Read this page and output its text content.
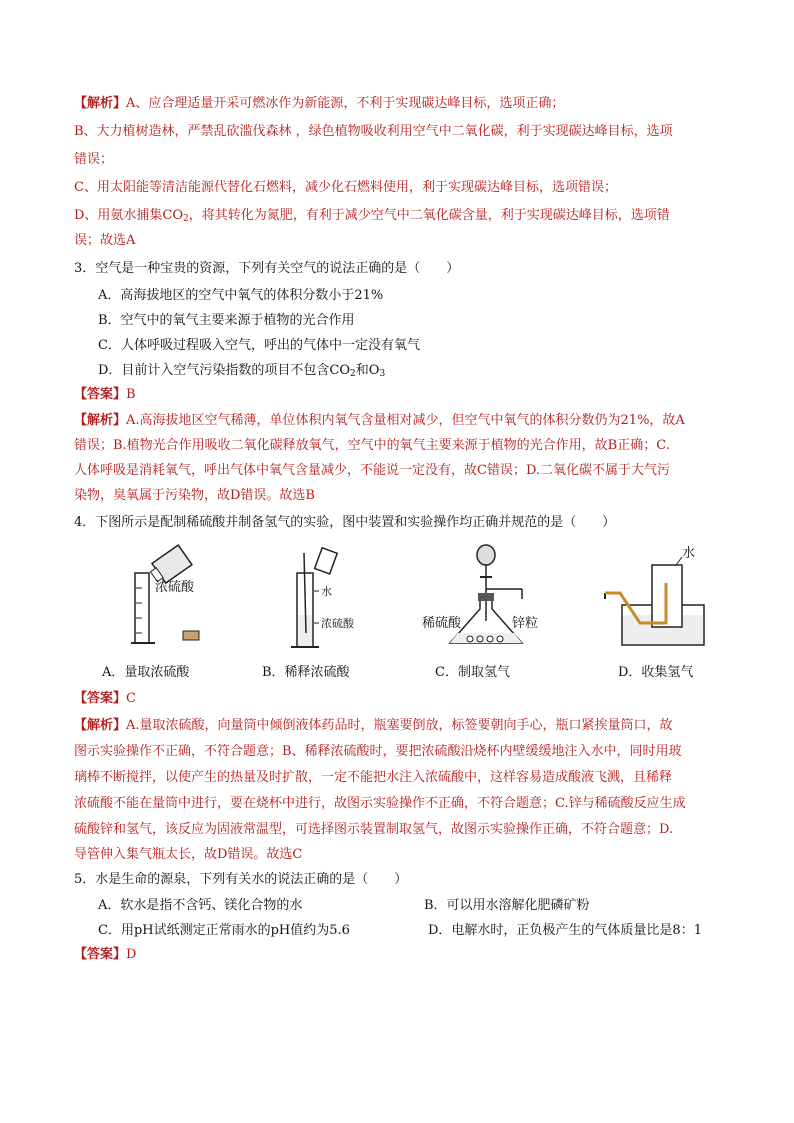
【解析】A、应合理适量开采可燃冰作为新能源，不利于实现碳达峰目标，选项正确；
B、大力植树造林，严禁乱砍滥伐森林 ，绿色植物吸收利用空气中二氧化碳，利于实现碳达峰目标，选项
错误；
C、用太阳能等清洁能源代替化石燃料，减少化石燃料使用，利于实现碳达峰目标，选项错误；
D、用氨水捕集$CO_2$，将其转化为氮肥，有利于减少空气中二氧化碳含量，利于实现碳达峰目标，选项错
误；故选A
3．空气是一种宝贵的资源，下列有关空气的说法正确的是（　　）
A．高海拔地区的空气中氧气的体积分数小于21%
B．空气中的氧气主要来源于植物的光合作用
C．人体呼吸过程吸入空气，呼出的气体中一定没有氧气
D．目前计入空气污染指数的项目不包含$CO_2$和$O_3$
【答案】B
【解析】A.高海拔地区空气稀薄，单位体积内氧气含量相对减少，但空气中氧气的体积分数仍为21%，故A
错误；B.植物光合作用吸收二氧化碳释放氧气，空气中的氧气主要来源于植物的光合作用，故B正确；C.
人体呼吸是消耗氧气，呼出气体中氧气含量减少，不能说一定没有，故C错误；D.二氧化碳不属于大气污
染物，臭氧属于污染物，故D错误。故选B
4．下图所示是配制稀硫酸并制备氢气的实验，图中装置和实验操作均正确并规范的是（　　）
浓硫酸	水
浓硫酸	稀硫酸	锌粒
水
A．量取浓硫酸	B．稀释浓硫酸	C．制取氢气	D．收集氢气
【答案】C
【解析】A.量取浓硫酸，向量筒中倾倒液体药品时，瓶塞要倒放，标签要朝向手心，瓶口紧挨量筒口，故
图示实验操作不正确，不符合题意；B、稀释浓硫酸时，要把浓硫酸沿烧杯内壁缓缓地注入水中，同时用玻
璃棒不断搅拌，以使产生的热量及时扩散，一定不能把水注入浓硫酸中，这样容易造成酸液飞溅，且稀释
浓硫酸不能在量筒中进行，要在烧杯中进行，故图示实验操作不正确，不符合题意；C.锌与稀硫酸反应生成
硫酸锌和氢气，该反应为固液常温型，可选择图示装置制取氢气，故图示实验操作正确，不符合题意；D.
导管伸入集气瓶太长，故D错误。故选C
5．水是生命的源泉，下列有关水的说法正确的是（　　）
A．软水是指不含钙、镁化合物的水	B．可以用水溶解化肥磷矿粉
C．用pH试纸测定正常雨水的pH值约为5.6	D．电解水时，正负极产生的气体质量比是8：1
【答案】D
